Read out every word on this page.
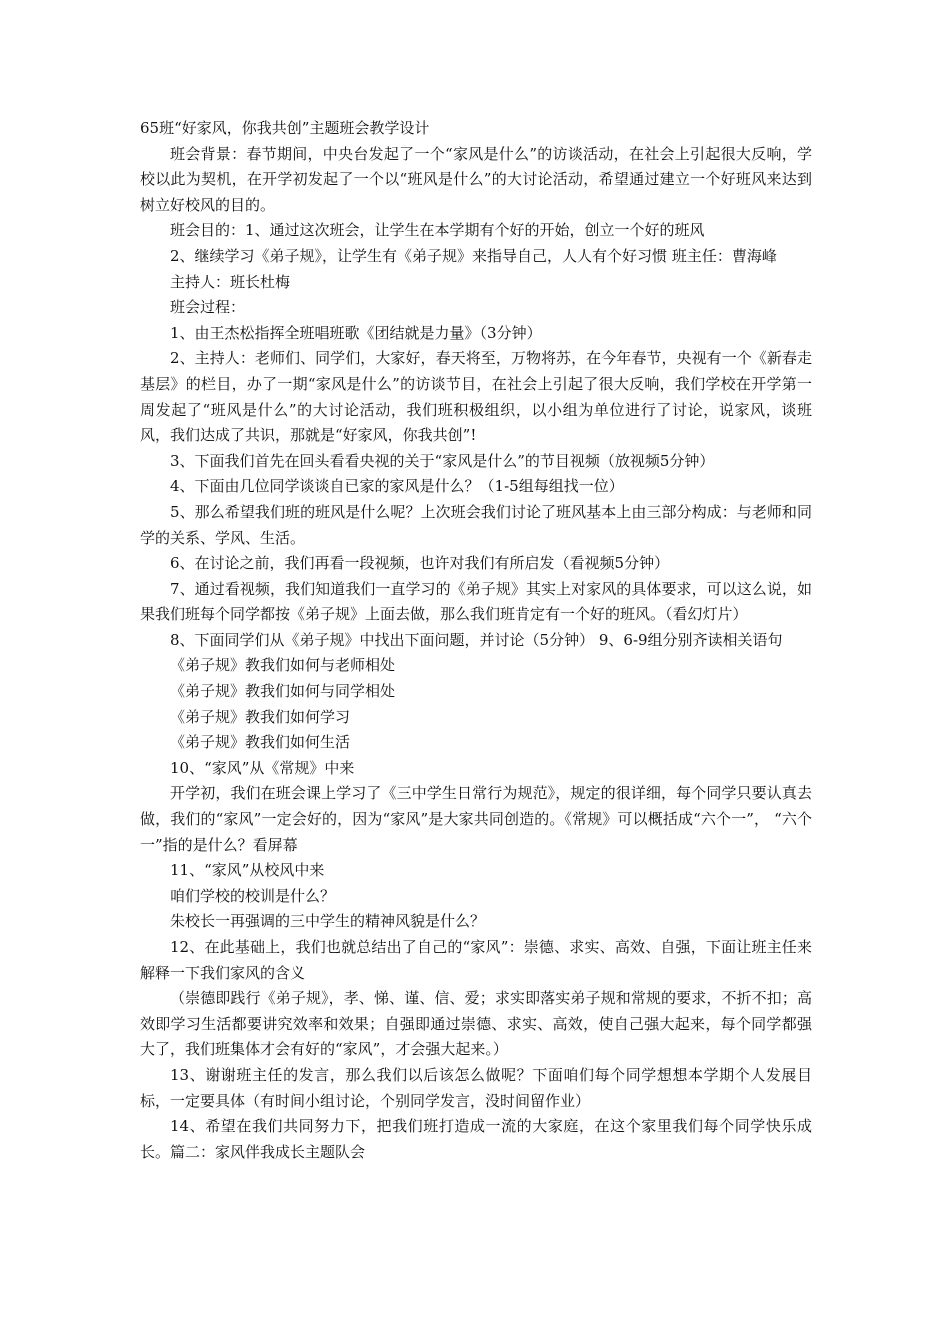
65班“好家风，你我共创”主题班会教学设计

班会背景：春节期间，中央台发起了一个“家风是什么”的访谈活动，在社会上引起很大反响，学校以此为契机，在开学初发起了一个以“班风是什么”的大讨论活动，希望通过建立一个好班风来达到树立好校风的目的。

班会目的：1、通过这次班会，让学生在本学期有个好的开始，创立一个好的班风

2、继续学习《弟子规》，让学生有《弟子规》来指导自己，人人有个好习惯 班主任：曹海峰

主持人：班长杜梅

班会过程：

1、由王杰松指挥全班唱班歌《团结就是力量》（3分钟）

2、主持人：老师们、同学们，大家好，春天将至，万物将苏，在今年春节，央视有一个《新春走基层》的栏目，办了一期“家风是什么”的访谈节目，在社会上引起了很大反响，我们学校在开学第一周发起了“班风是什么”的大讨论活动，我们班积极组织，以小组为单位进行了讨论，说家风，谈班风，我们达成了共识，那就是“好家风，你我共创”!

3、下面我们首先在回头看看央视的关于“家风是什么”的节目视频（放视频5分钟）

4、下面由几位同学谈谈自已家的家风是什么？（1-5组每组找一位）

5、那么希望我们班的班风是什么呢？上次班会我们讨论了班风基本上由三部分构成：与老师和同学的关系、学风、生活。

6、在讨论之前，我们再看一段视频，也许对我们有所启发（看视频5分钟）

7、通过看视频，我们知道我们一直学习的《弟子规》其实上对家风的具体要求，可以这么说，如果我们班每个同学都按《弟子规》上面去做，那么我们班肯定有一个好的班风。（看幻灯片）

8、下面同学们从《弟子规》中找出下面问题，并讨论（5分钟） 9、6-9组分别齐读相关语句

《弟子规》教我们如何与老师相处

《弟子规》教我们如何与同学相处

《弟子规》教我们如何学习

《弟子规》教我们如何生活

10、“家风”从《常规》中来

开学初，我们在班会课上学习了《三中学生日常行为规范》，规定的很详细，每个同学只要认真去做，我们的“家风”一定会好的，因为“家风”是大家共同创造的。《常规》可以概括成“六个一”， “六个一”指的是什么？看屏幕

11、“家风”从校风中来

咱们学校的校训是什么？

朱校长一再强调的三中学生的精神风貌是什么？

12、在此基础上，我们也就总结出了自己的“家风”：崇德、求实、高效、自强，下面让班主任来解释一下我们家风的含义

（崇德即践行《弟子规》，孝、悌、谨、信、爱；求实即落实弟子规和常规的要求，不折不扣；高效即学习生活都要讲究效率和效果；自强即通过崇德、求实、高效，使自己强大起来，每个同学都强大了，我们班集体才会有好的“家风”，才会强大起来。）

13、谢谢班主任的发言，那么我们以后该怎么做呢？下面咱们每个同学想想本学期个人发展目标，一定要具体（有时间小组讨论，个别同学发言，没时间留作业）

14、希望在我们共同努力下，把我们班打造成一流的大家庭，在这个家里我们每个同学快乐成长。篇二：家风伴我成长主题队会
